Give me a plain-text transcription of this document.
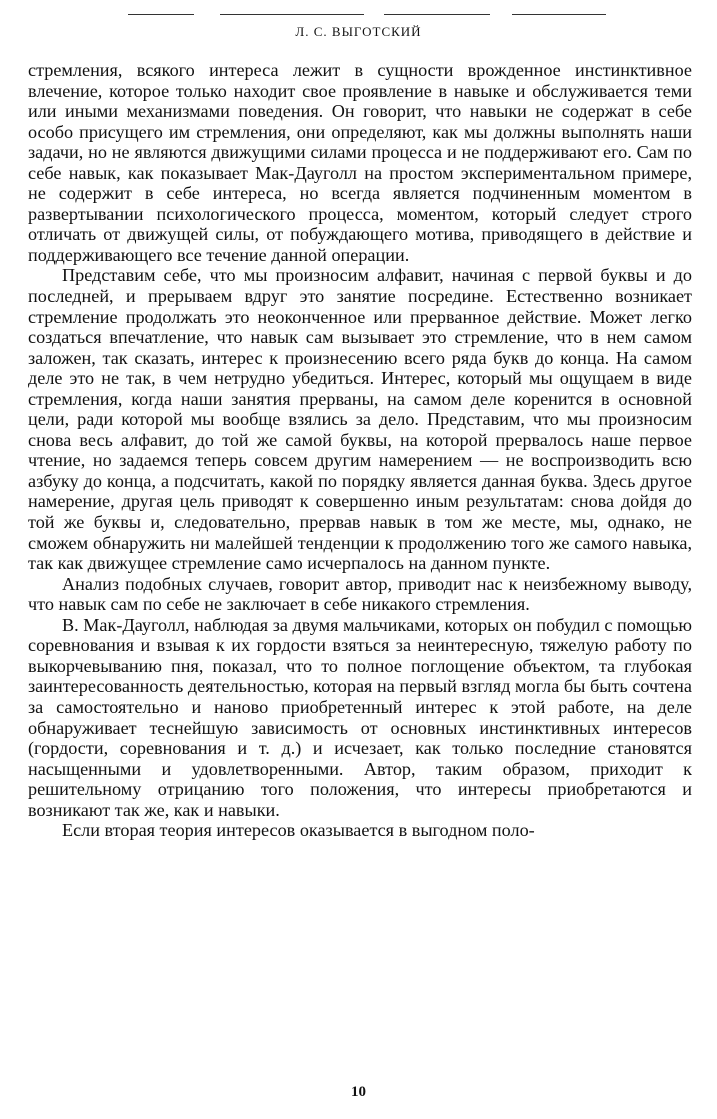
Л. С. ВЫГОТСКИЙ

стремления, всякого интереса лежит в сущности врожденное инстинктивное влечение, которое только находит свое проявление в навыке и обслуживается теми или иными механизмами поведения. Он говорит, что навыки не содержат в себе особо присущего им стремления, они определяют, как мы должны выполнять наши задачи, но не являются движущими силами процесса и не поддерживают его. Сам по себе навык, как показывает Мак-Дауголл на простом экспериментальном примере, не содержит в себе интереса, но всегда является подчиненным моментом в развертывании психологического процесса, моментом, который следует строго отличать от движущей силы, от побуждающего мотива, приводящего в действие и поддерживающего все течение данной операции.

Представим себе, что мы произносим алфавит, начиная с первой буквы и до последней, и прерываем вдруг это занятие посредине. Естественно возникает стремление продолжать это неоконченное или прерванное действие. Может легко создаться впечатление, что навык сам вызывает это стремление, что в нем самом заложен, так сказать, интерес к произнесению всего ряда букв до конца. На самом деле это не так, в чем нетрудно убедиться. Интерес, который мы ощущаем в виде стремления, когда наши занятия прерваны, на самом деле коренится в основной цели, ради которой мы вообще взялись за дело. Представим, что мы произносим снова весь алфавит, до той же самой буквы, на которой прервалось наше первое чтение, но задаемся теперь совсем другим намерением — не воспроизводить всю азбуку до конца, а подсчитать, какой по порядку является данная буква. Здесь другое намерение, другая цель приводят к совершенно иным результатам: снова дойдя до той же буквы и, следовательно, прервав навык в том же месте, мы, однако, не сможем обнаружить ни малейшей тенденции к продолжению того же самого навыка, так как движущее стремление само исчерпалось на данном пункте.

Анализ подобных случаев, говорит автор, приводит нас к неизбежному выводу, что навык сам по себе не заключает в себе никакого стремления.

В. Мак-Дауголл, наблюдая за двумя мальчиками, которых он побудил с помощью соревнования и взывая к их гордости взяться за неинтересную, тяжелую работу по выкорчевыванию пня, показал, что то полное поглощение объектом, та глубокая заинтересованность деятельностью, которая на первый взгляд могла бы быть сочтена за самостоятельно и наново приобретенный интерес к этой работе, на деле обнаруживает теснейшую зависимость от основных инстинктивных интересов (гордости, соревнования и т. д.) и исчезает, как только последние становятся насыщенными и удовлетворенными. Автор, таким образом, приходит к решительному отрицанию того положения, что интересы приобретаются и возникают так же, как и навыки.

Если вторая теория интересов оказывается в выгодном поло-

10
